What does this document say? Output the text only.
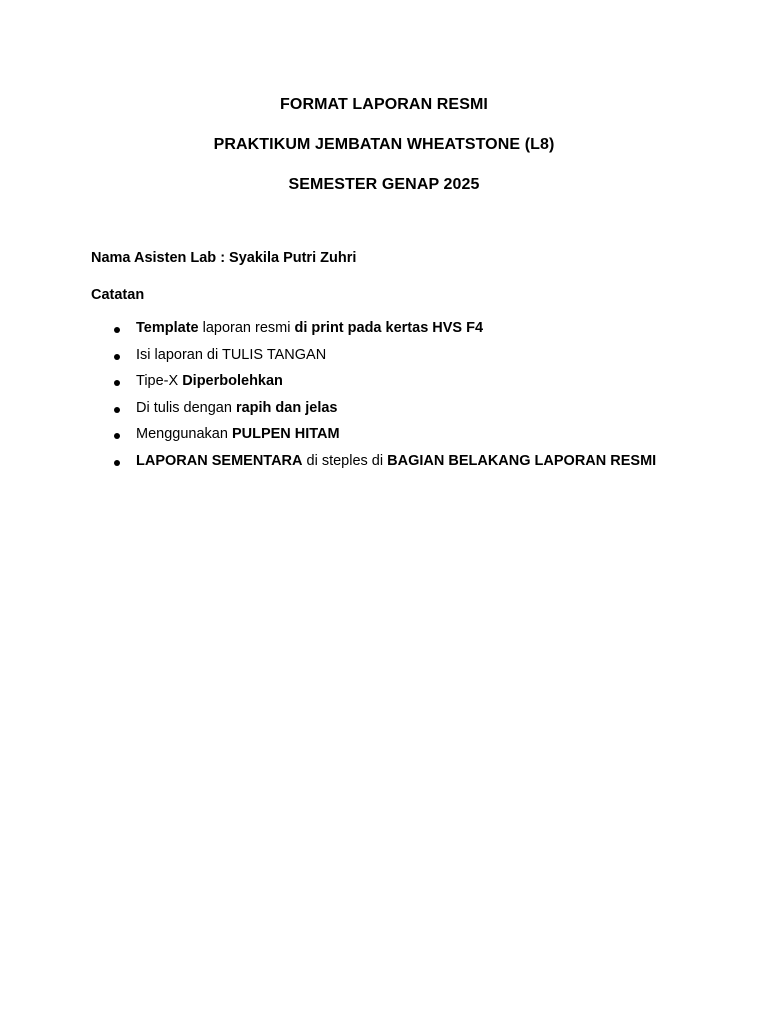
FORMAT LAPORAN RESMI
PRAKTIKUM JEMBATAN WHEATSTONE (L8)
SEMESTER GENAP 2025
Nama Asisten Lab : Syakila Putri Zuhri
Catatan
Template laporan resmi di print pada kertas HVS F4
Isi laporan di TULIS TANGAN
Tipe-X Diperbolehkan
Di tulis dengan rapih dan jelas
Menggunakan PULPEN HITAM
LAPORAN SEMENTARA di steples di BAGIAN BELAKANG LAPORAN RESMI
